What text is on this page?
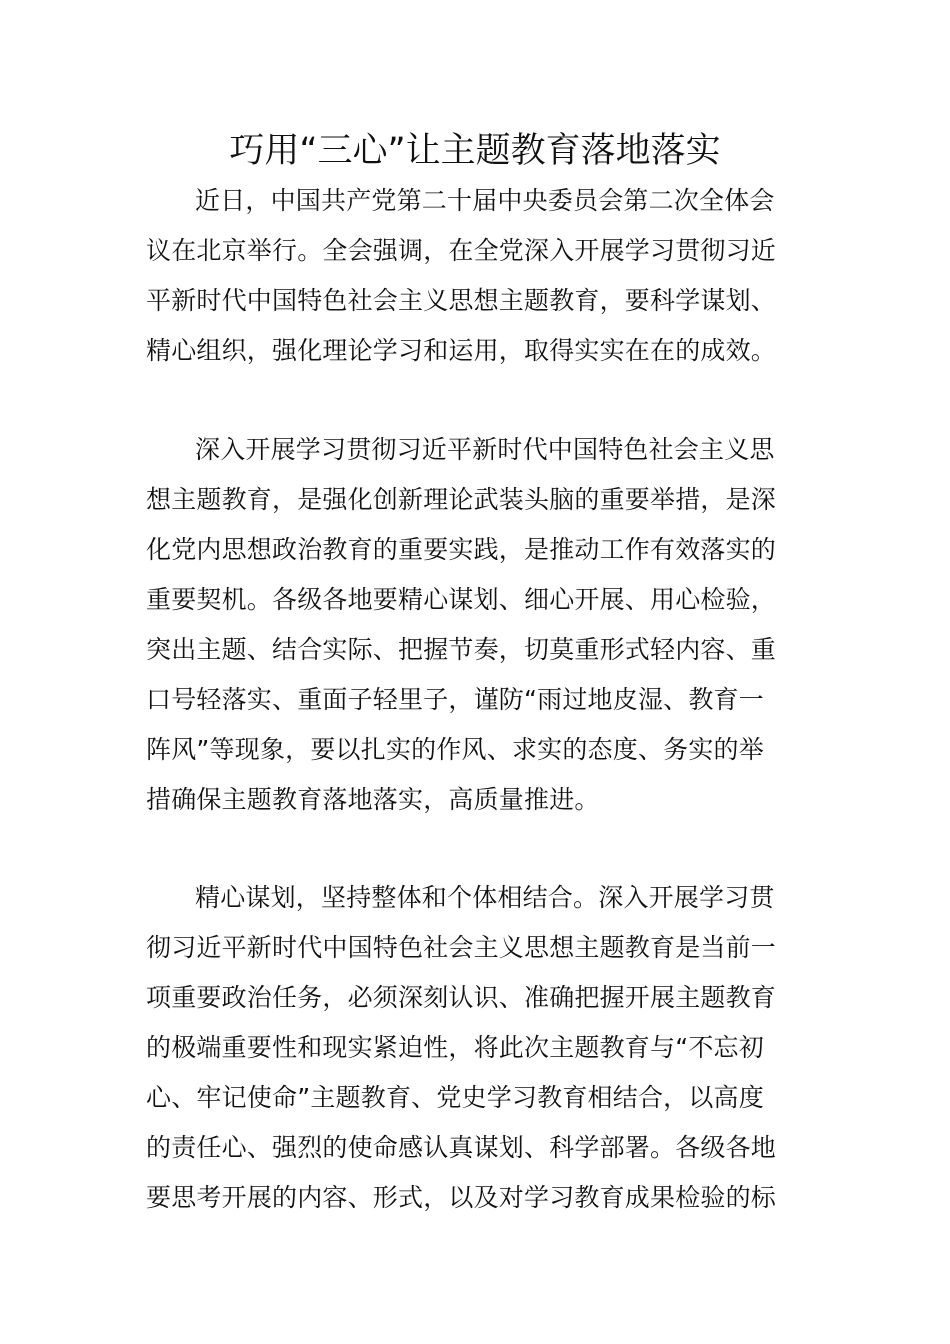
巧用“三心”让主题教育落地落实
近日，中国共产党第二十届中央委员会第二次全体会
议在北京举行。全会强调，在全党深入开展学习贯彻习近
平新时代中国特色社会主义思想主题教育，要科学谋划、
精心组织，强化理论学习和运用，取得实实在在的成效。
深入开展学习贯彻习近平新时代中国特色社会主义思
想主题教育，是强化创新理论武装头脑的重要举措，是深
化党内思想政治教育的重要实践，是推动工作有效落实的
重要契机。各级各地要精心谋划、细心开展、用心检验，
突出主题、结合实际、把握节奏，切莫重形式轻内容、重
口号轻落实、重面子轻里子，谨防“雨过地皮湿、教育一
阵风”等现象，要以扎实的作风、求实的态度、务实的举
措确保主题教育落地落实，高质量推进。
精心谋划，坚持整体和个体相结合。深入开展学习贯
彻习近平新时代中国特色社会主义思想主题教育是当前一
项重要政治任务，必须深刻认识、准确把握开展主题教育
的极端重要性和现实紧迫性，将此次主题教育与“不忘初
心、牢记使命”主题教育、党史学习教育相结合，以高度
的责任心、强烈的使命感认真谋划、科学部署。各级各地
要思考开展的内容、形式，以及对学习教育成果检验的标
